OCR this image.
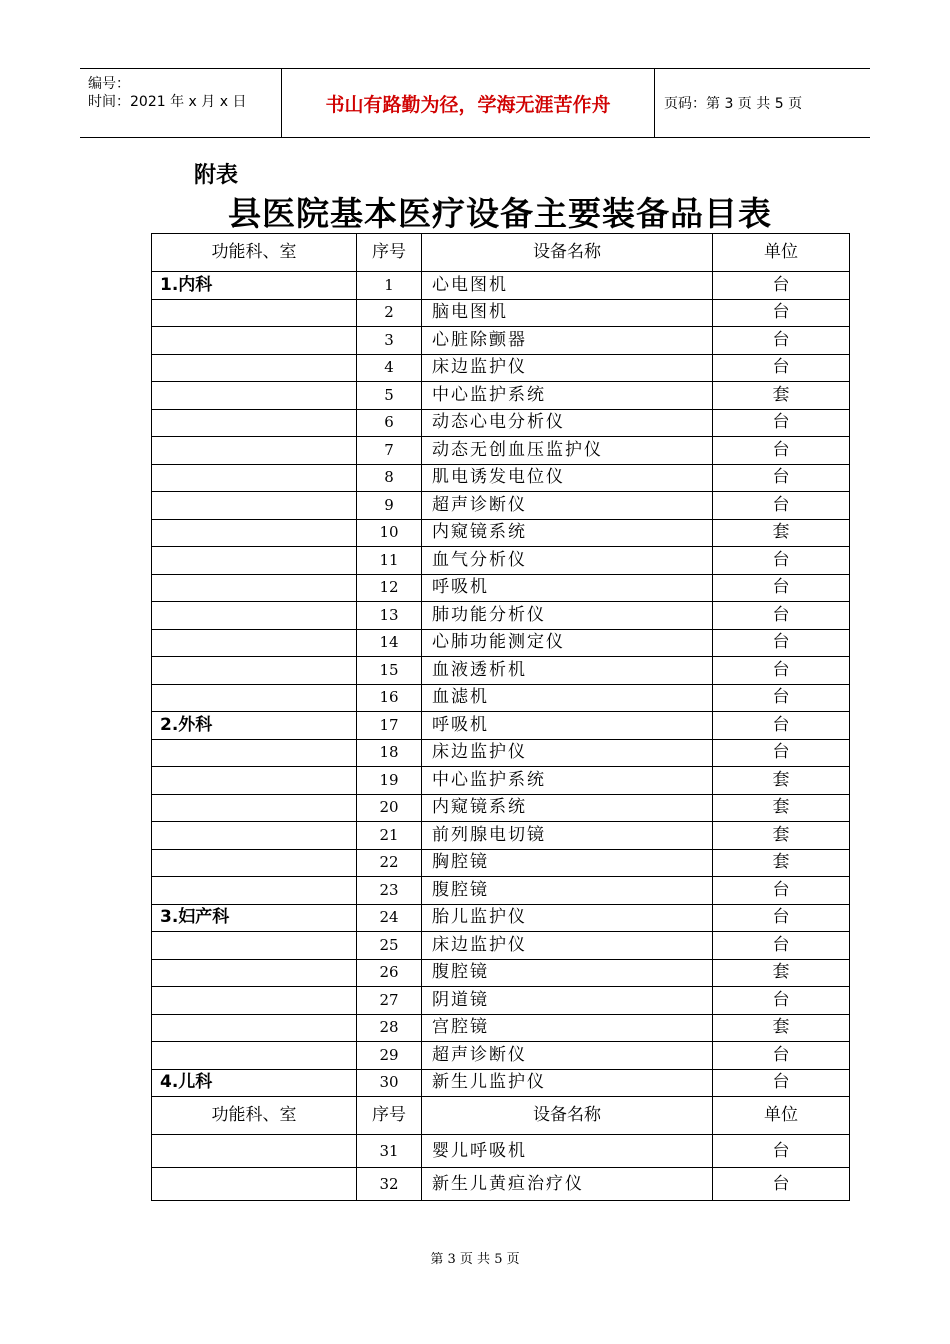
编号：
时间：2021 年 x 月 x 日	书山有路勤为径，学海无涯苦作舟	页码：第 3 页 共 5 页
附表
县医院基本医疗设备主要装备品目表
功能科、室	序号	设备名称	单位
1.内科	1	心电图机	台
	2	脑电图机	台
	3	心脏除颤器	台
	4	床边监护仪	台
	5	中心监护系统	套
	6	动态心电分析仪	台
	7	动态无创血压监护仪	台
	8	肌电诱发电位仪	台
	9	超声诊断仪	台
	10	内窥镜系统	套
	11	血气分析仪	台
	12	呼吸机	台
	13	肺功能分析仪	台
	14	心肺功能测定仪	台
	15	血液透析机	台
	16	血滤机	台
2.外科	17	呼吸机	台
	18	床边监护仪	台
	19	中心监护系统	套
	20	内窥镜系统	套
	21	前列腺电切镜	套
	22	胸腔镜	套
	23	腹腔镜	台
3.妇产科	24	胎儿监护仪	台
	25	床边监护仪	台
	26	腹腔镜	套
	27	阴道镜	台
	28	宫腔镜	套
	29	超声诊断仪	台
4.儿科	30	新生儿监护仪	台
功能科、室	序号	设备名称	单位
	31	婴儿呼吸机	台
	32	新生儿黄疸治疗仪	台
第 3 页 共 5 页
